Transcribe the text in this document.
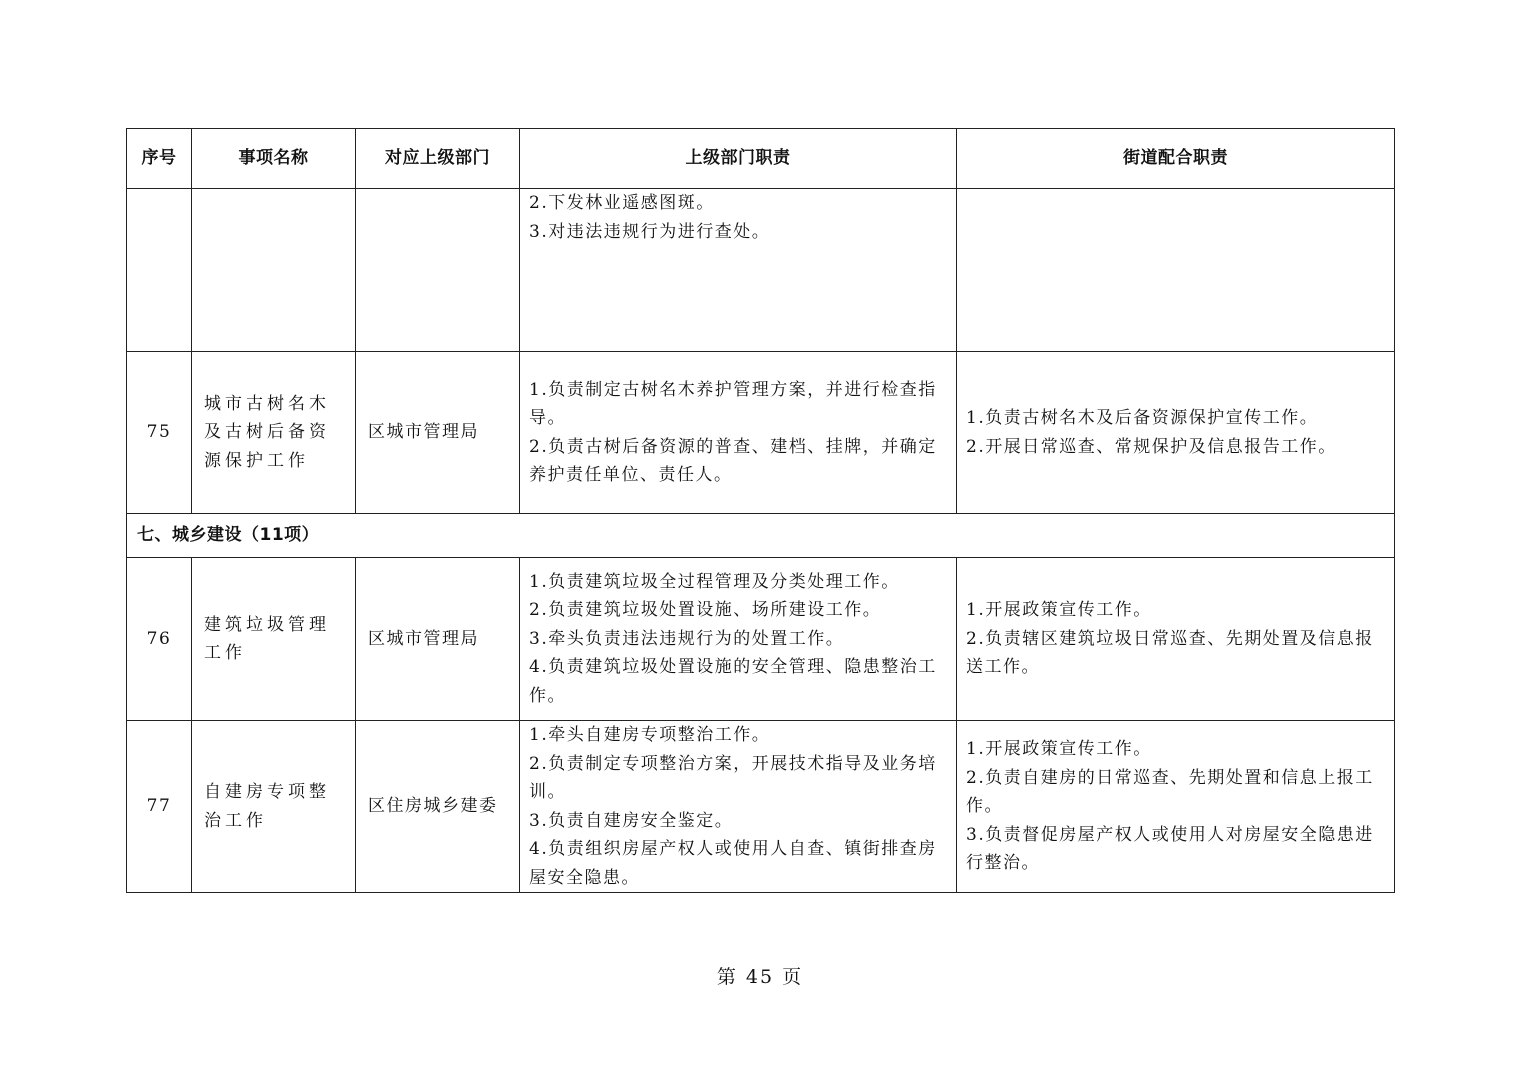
序号	事项名称	对应上级部门	上级部门职责	街道配合职责

			2.下发林业遥感图斑。
3.对违法违规行为进行查处。	

75	城市古树名木及古树后备资源保护工作	区城市管理局	1.负责制定古树名木养护管理方案，并进行检查指导。
2.负责古树后备资源的普查、建档、挂牌，并确定养护责任单位、责任人。	1.负责古树名木及后备资源保护宣传工作。
2.开展日常巡查、常规保护及信息报告工作。

七、城乡建设（11项）				
76	建筑垃圾管理工作	区城市管理局	1.负责建筑垃圾全过程管理及分类处理工作。
2.负责建筑垃圾处置设施、场所建设工作。
3.牵头负责违法违规行为的处置工作。
4.负责建筑垃圾处置设施的安全管理、隐患整治工作。	1.开展政策宣传工作。
2.负责辖区建筑垃圾日常巡查、先期处置及信息报送工作。

77	自建房专项整治工作	区住房城乡建委	1.牵头自建房专项整治工作。
2.负责制定专项整治方案，开展技术指导及业务培训。
3.负责自建房安全鉴定。
4.负责组织房屋产权人或使用人自查、镇街排查房屋安全隐患。	1.开展政策宣传工作。
2.负责自建房的日常巡查、先期处置和信息上报工作。
3.负责督促房屋产权人或使用人对房屋安全隐患进行整治。
第 45 页
